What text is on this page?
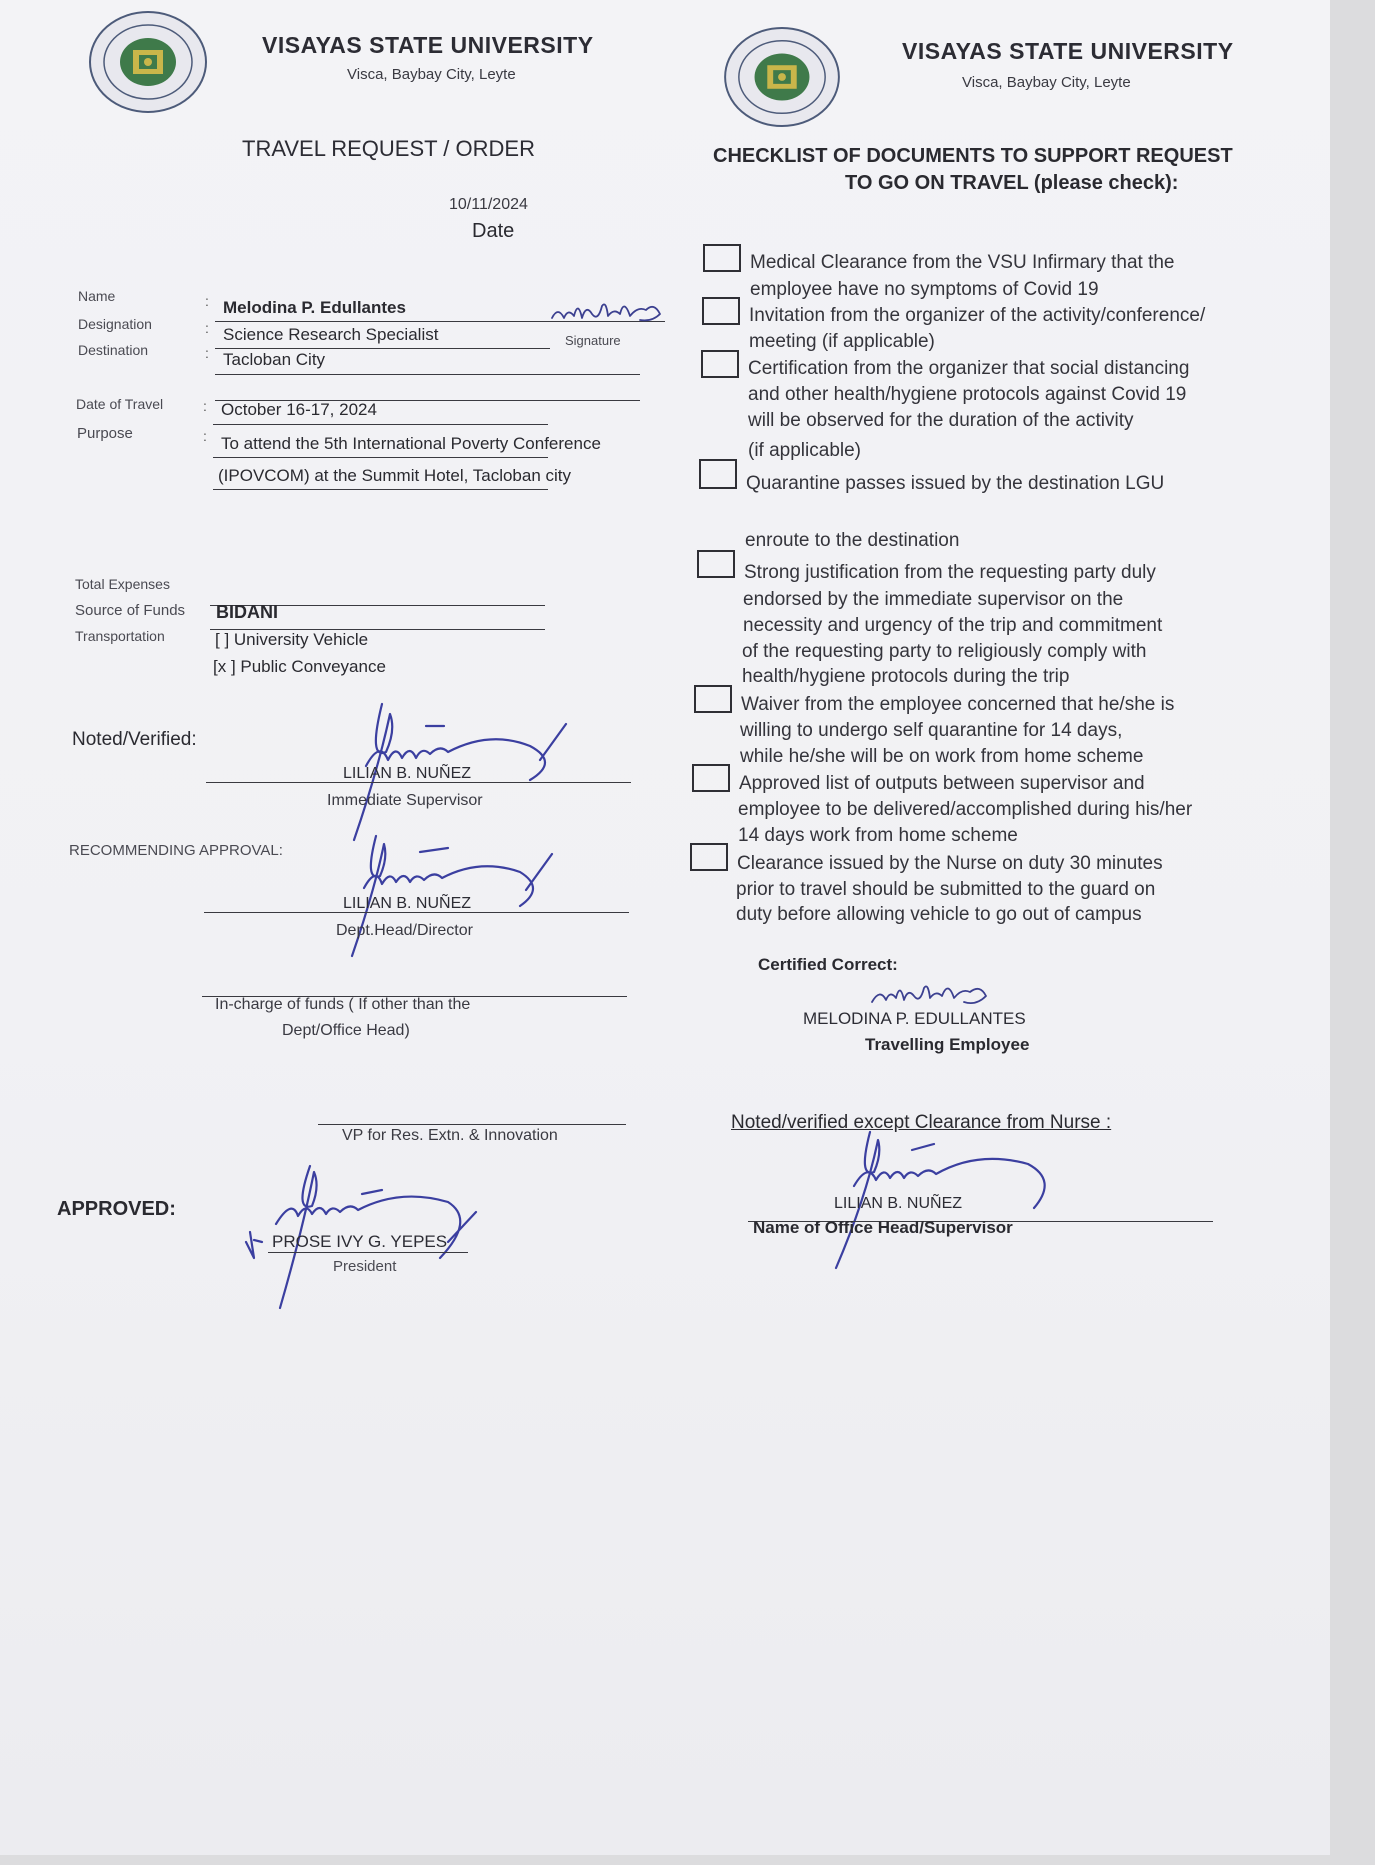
VISAYAS STATE UNIVERSITY
Visca, Baybay City, Leyte
TRAVEL REQUEST / ORDER
10/11/2024
Date
Name	: Melodina P. Edullantes
Designation	: Science Research Specialist	Signature
Destination	: Tacloban City
Date of Travel	: October 16-17, 2024
Purpose	: To attend the 5th International Poverty Conference
(IPOVCOM) at the Summit Hotel, Tacloban city
Total Expenses
Source of Funds BIDANI
Transportation	[ ] University Vehicle
[x ] Public Conveyance
Noted/Verified:
LILIAN B. NUÑEZ
Immediate Supervisor
RECOMMENDING APPROVAL:
LILIAN B. NUÑEZ
Dept.Head/Director
In-charge of funds ( If other than the
Dept/Office Head)
VP for Res. Extn. & Innovation
APPROVED:
PROSE IVY G. YEPES
President
VISAYAS STATE UNIVERSITY
Visca, Baybay City, Leyte
CHECKLIST OF DOCUMENTS TO SUPPORT REQUEST
TO GO ON TRAVEL (please check):
Medical Clearance from the VSU Infirmary that the
employee have no symptoms of Covid 19
Invitation from the organizer of the activity/conference/
meeting (if applicable)
Certification from the organizer that social distancing
and other health/hygiene protocols against Covid 19
will be observed for the duration of the activity
(if applicable)
Quarantine passes issued by the destination LGU
enroute to the destination
Strong justification from the requesting party duly
endorsed by the immediate supervisor on the
necessity and urgency of the trip and commitment
of the requesting party to religiously comply with
health/hygiene protocols during the trip
Waiver from the employee concerned that he/she is
willing to undergo self quarantine for 14 days,
while he/she will be on work from home scheme
Approved list of outputs between supervisor and
employee to be delivered/accomplished during his/her
14 days work from home scheme
Clearance issued by the Nurse on duty 30 minutes
prior to travel should be submitted to the guard on
duty before allowing vehicle to go out of campus
Certified Correct:
MELODINA P. EDULLANTES
Travelling Employee
Noted/verified except Clearance from Nurse :
LILIAN B. NUÑEZ
Name of Office Head/Supervisor
